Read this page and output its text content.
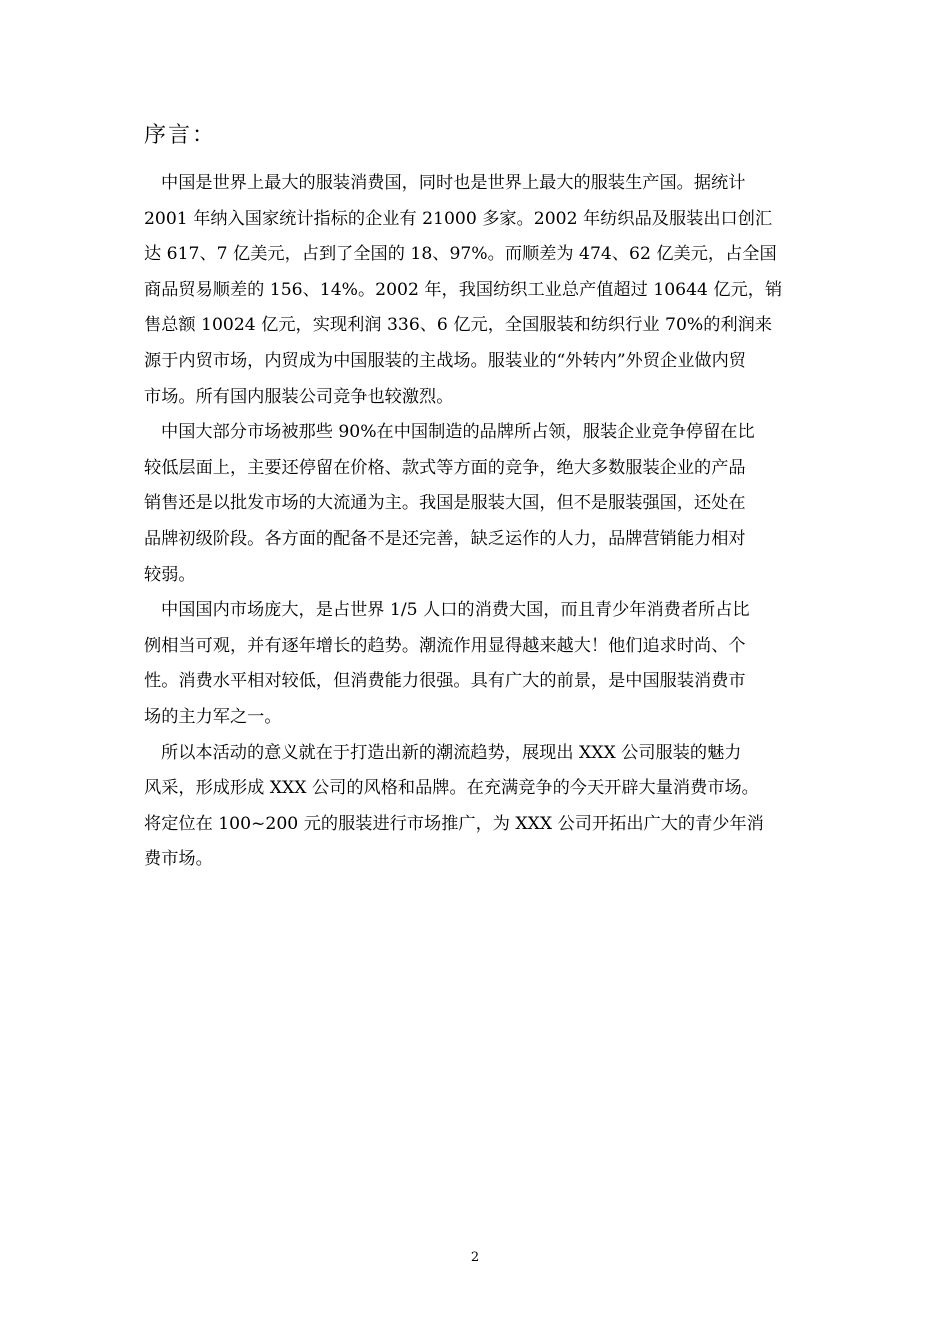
序言：

中国是世界上最大的服装消费国，同时也是世界上最大的服装生产国。据统计
2001 年纳入国家统计指标的企业有 21000 多家。2002 年纺织品及服装出口创汇
达 617、7 亿美元，占到了全国的 18、97%。而顺差为 474、62 亿美元，占全国
商品贸易顺差的 156、14%。2002 年，我国纺织工业总产值超过 10644 亿元，销
售总额 10024 亿元，实现利润 336、6 亿元，全国服装和纺织行业 70%的利润来
源于内贸市场，内贸成为中国服装的主战场。服装业的“外转内”外贸企业做内贸
市场。所有国内服装公司竞争也较激烈。

中国大部分市场被那些 90%在中国制造的品牌所占领，服装企业竞争停留在比
较低层面上，主要还停留在价格、款式等方面的竞争，绝大多数服装企业的产品
销售还是以批发市场的大流通为主。我国是服装大国，但不是服装强国，还处在
品牌初级阶段。各方面的配备不是还完善，缺乏运作的人力，品牌营销能力相对
较弱。

中国国内市场庞大，是占世界 1/5 人口的消费大国，而且青少年消费者所占比
例相当可观，并有逐年增长的趋势。潮流作用显得越来越大！他们追求时尚、个
性。消费水平相对较低，但消费能力很强。具有广大的前景，是中国服装消费市
场的主力军之一。

所以本活动的意义就在于打造出新的潮流趋势，展现出 XXX 公司服装的魅力
风采，形成形成 XXX 公司的风格和品牌。在充满竞争的今天开辟大量消费市场。
将定位在 100~200 元的服装进行市场推广，为 XXX 公司开拓出广大的青少年消
费市场。

2
